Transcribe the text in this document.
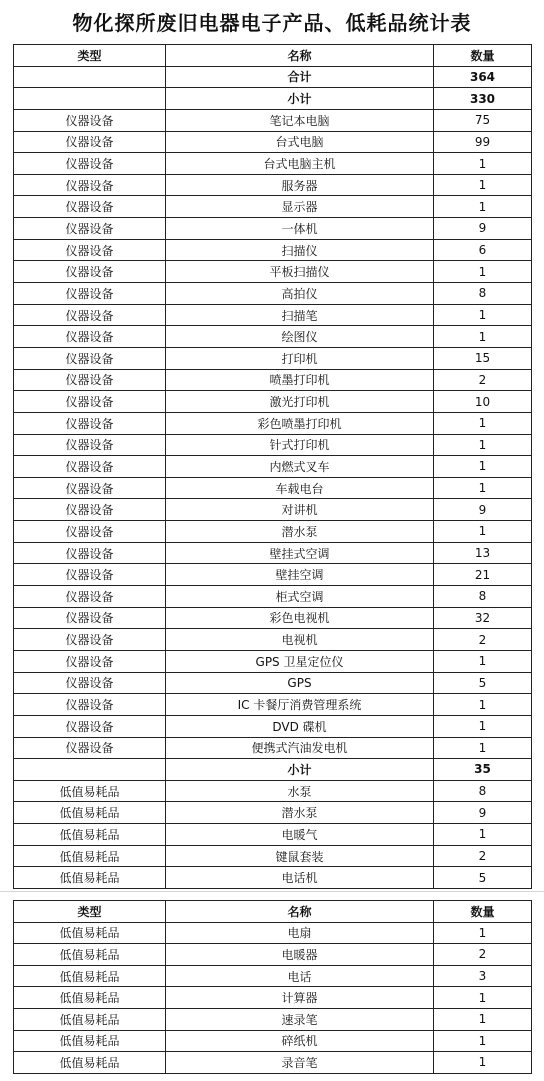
物化探所废旧电器电子产品、低耗品统计表
类型	名称	数量
	合计	364
	小计	330
仪器设备	笔记本电脑	75
仪器设备	台式电脑	99
仪器设备	台式电脑主机	1
仪器设备	服务器	1
仪器设备	显示器	1
仪器设备	一体机	9
仪器设备	扫描仪	6
仪器设备	平板扫描仪	1
仪器设备	高拍仪	8
仪器设备	扫描笔	1
仪器设备	绘图仪	1
仪器设备	打印机	15
仪器设备	喷墨打印机	2
仪器设备	激光打印机	10
仪器设备	彩色喷墨打印机	1
仪器设备	针式打印机	1
仪器设备	内燃式叉车	1
仪器设备	车载电台	1
仪器设备	对讲机	9
仪器设备	潜水泵	1
仪器设备	壁挂式空调	13
仪器设备	壁挂空调	21
仪器设备	柜式空调	8
仪器设备	彩色电视机	32
仪器设备	电视机	2
仪器设备	GPS 卫星定位仪	1
仪器设备	GPS	5
仪器设备	IC 卡餐厅消费管理系统	1
仪器设备	DVD 碟机	1
仪器设备	便携式汽油发电机	1
	小计	35
低值易耗品	水泵	8
低值易耗品	潜水泵	9
低值易耗品	电暖气	1
低值易耗品	键鼠套装	2
低值易耗品	电话机	5
类型	名称	数量
低值易耗品	电扇	1
低值易耗品	电暖器	2
低值易耗品	电话	3
低值易耗品	计算器	1
低值易耗品	速录笔	1
低值易耗品	碎纸机	1
低值易耗品	录音笔	1
